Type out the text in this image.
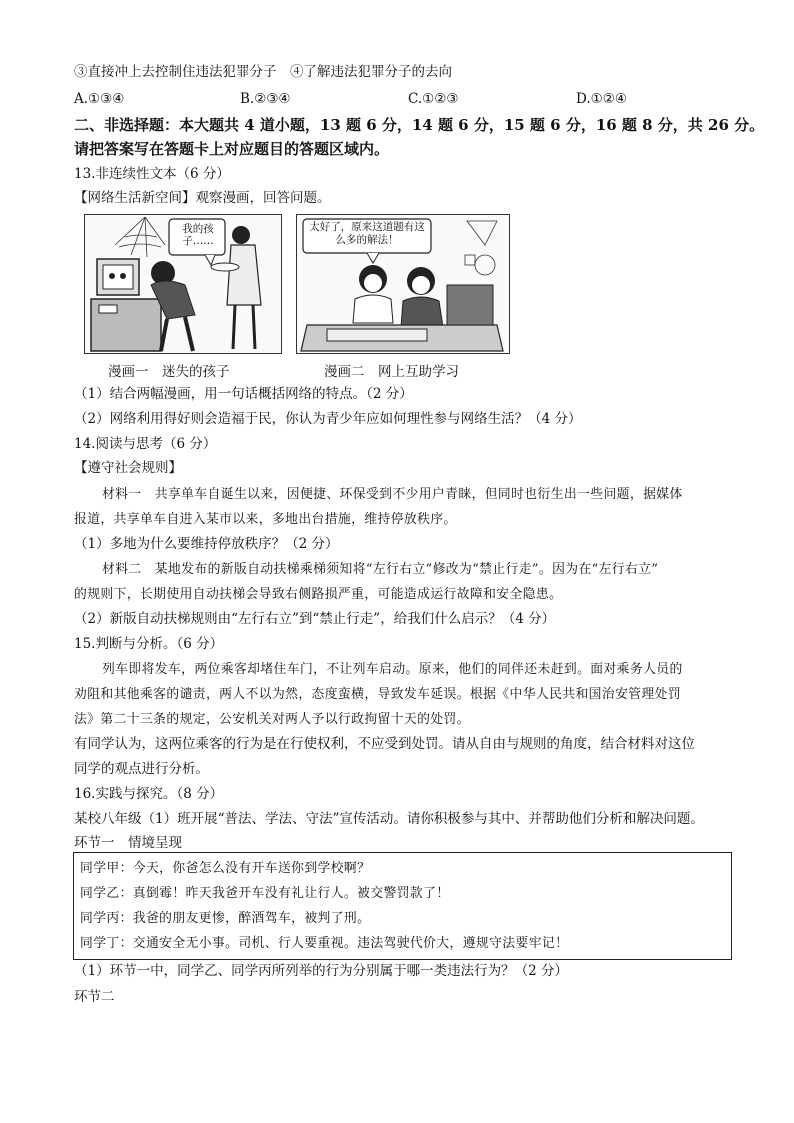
③直接冲上去控制住违法犯罪分子　④了解违法犯罪分子的去向
A.①③④	B.②③④	C.①②③	D.①②④
二、非选择题：本大题共 4 道小题，13 题 6 分，14 题 6 分，15 题 6 分，16 题 8 分，共 26 分。
请把答案写在答题卡上对应题目的答题区域内。
13.非连续性文本（6 分）
【网络生活新空间】观察漫画，回答问题。
我的孩子……
太好了，原来这道题有这么多的解法！
漫画一　迷失的孩子	漫画二　网上互助学习
（1）结合两幅漫画，用一句话概括网络的特点。（2 分）
（2）网络利用得好则会造福于民，你认为青少年应如何理性参与网络生活？（4 分）
14.阅读与思考（6 分）
【遵守社会规则】
材料一　共享单车自诞生以来，因便捷、环保受到不少用户青睐，但同时也衍生出一些问题，据媒体
报道，共享单车自进入某市以来，多地出台措施，维持停放秩序。
（1）多地为什么要维持停放秩序？（2 分）
材料二　某地发布的新版自动扶梯乘梯须知将“左行右立”修改为“禁止行走”。因为在“左行右立”
的规则下，长期使用自动扶梯会导致右侧路损严重，可能造成运行故障和安全隐患。
（2）新版自动扶梯规则由“左行右立”到“禁止行走”，给我们什么启示？（4 分）
15.判断与分析。（6 分）
列车即将发车，两位乘客却堵住车门，不让列车启动。原来，他们的同伴还未赶到。面对乘务人员的
劝阻和其他乘客的谴责，两人不以为然，态度蛮横，导致发车延误。根据《中华人民共和国治安管理处罚
法》第二十三条的规定，公安机关对两人予以行政拘留十天的处罚。
有同学认为，这两位乘客的行为是在行使权利，不应受到处罚。请从自由与规则的角度，结合材料对这位
同学的观点进行分析。
16.实践与探究。（8 分）
某校八年级（1）班开展“普法、学法、守法”宣传活动。请你积极参与其中、并帮助他们分析和解决问题。
环节一　情境呈现
同学甲：今天，你爸怎么没有开车送你到学校啊？
同学乙：真倒霉！昨天我爸开车没有礼让行人。被交警罚款了！
同学丙：我爸的朋友更惨，醉酒驾车，被判了刑。
同学丁：交通安全无小事。司机、行人要重视。违法驾驶代价大，遵规守法要牢记！
（1）环节一中，同学乙、同学丙所列举的行为分别属于哪一类违法行为？（2 分）
环节二
